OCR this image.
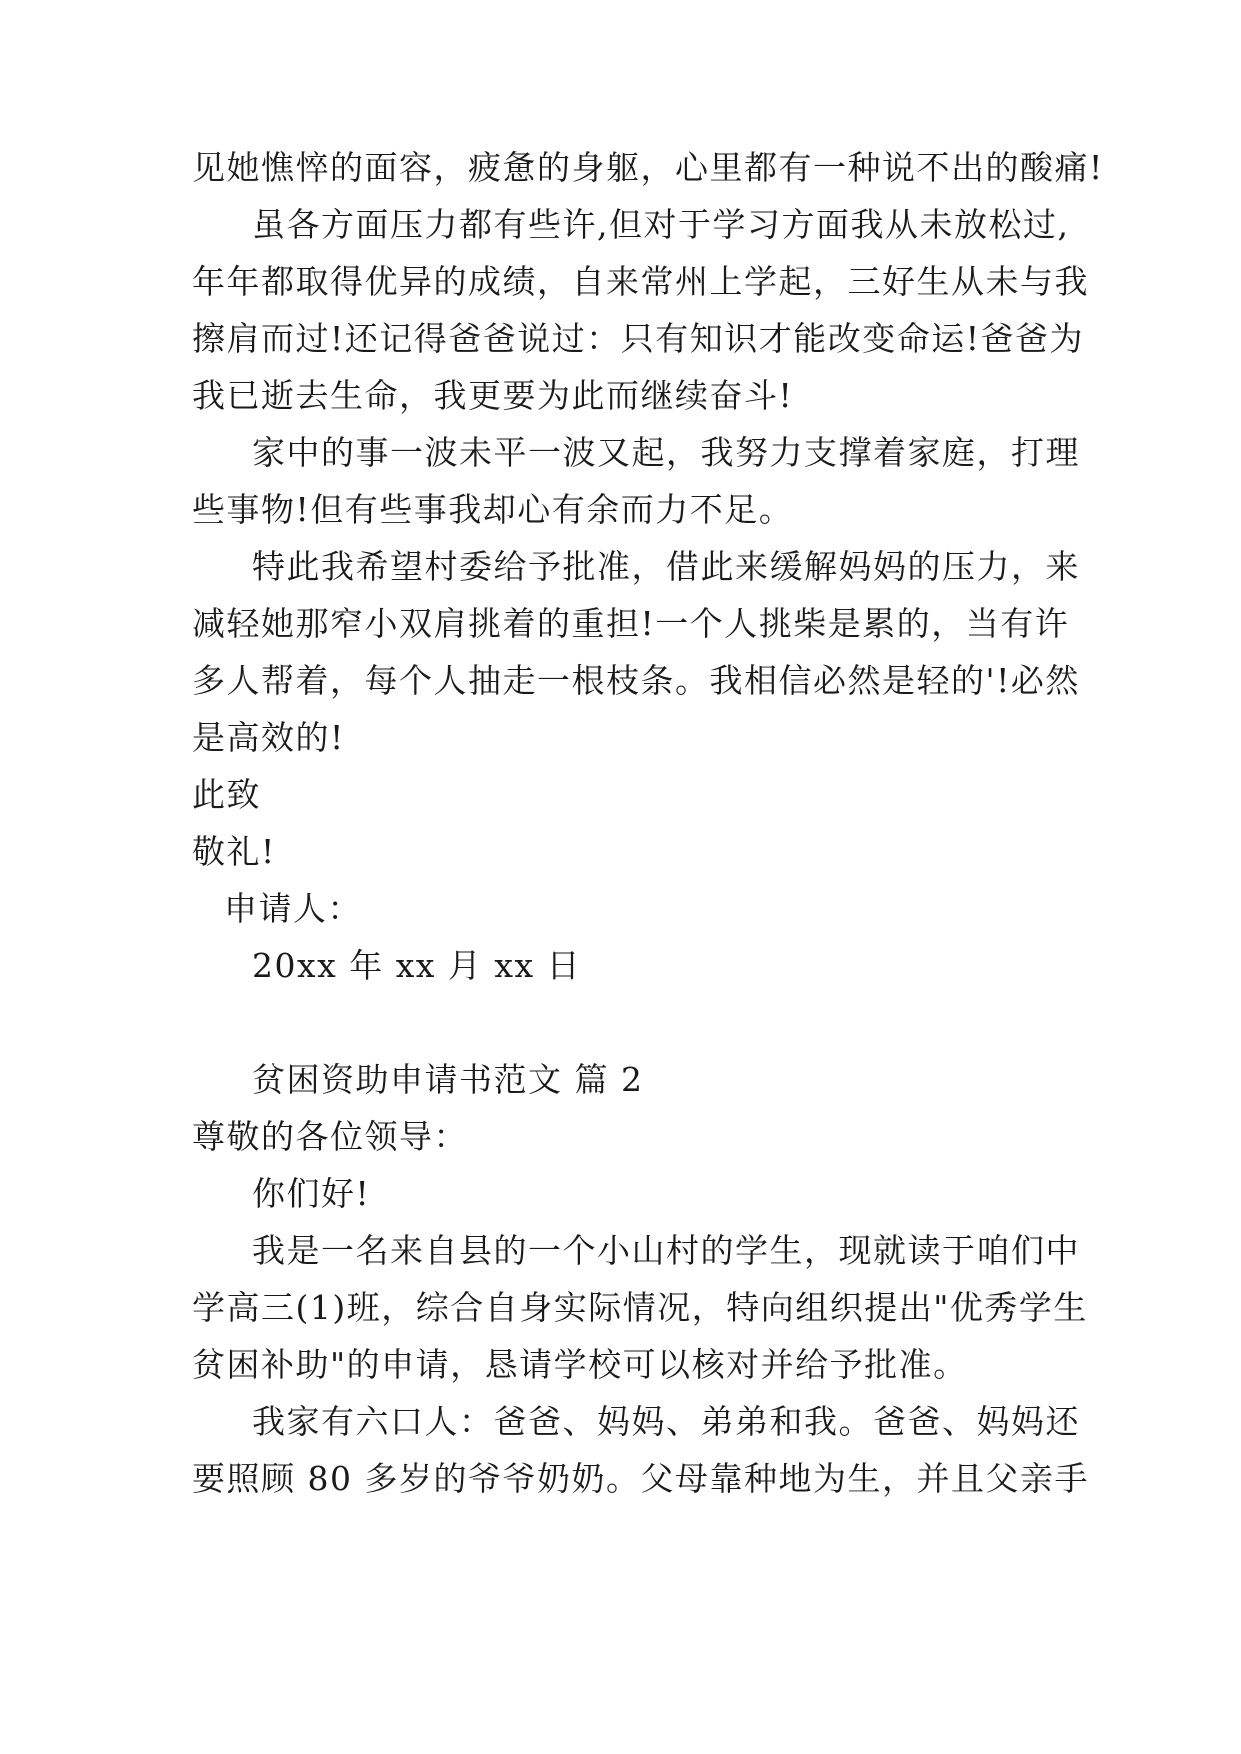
见她憔悴的面容，疲惫的身躯，心里都有一种说不出的酸痛!

虽各方面压力都有些许,但对于学习方面我从未放松过,

年年都取得优异的成绩，自来常州上学起，三好生从未与我

擦肩而过!还记得爸爸说过：只有知识才能改变命运!爸爸为

我已逝去生命，我更要为此而继续奋斗!

家中的事一波未平一波又起，我努力支撑着家庭，打理

些事物!但有些事我却心有余而力不足。

特此我希望村委给予批准，借此来缓解妈妈的压力，来

减轻她那窄小双肩挑着的重担!一个人挑柴是累的，当有许

多人帮着，每个人抽走一根枝条。我相信必然是轻的'!必然

是高效的!

此致

敬礼!

申请人：

20xx 年 xx 月 xx 日

贫困资助申请书范文 篇 2

尊敬的各位领导：

你们好!

我是一名来自县的一个小山村的学生，现就读于咱们中

学高三(1)班，综合自身实际情况，特向组织提出"优秀学生

贫困补助"的申请，恳请学校可以核对并给予批准。

我家有六口人：爸爸、妈妈、弟弟和我。爸爸、妈妈还

要照顾 80 多岁的爷爷奶奶。父母靠种地为生，并且父亲手
